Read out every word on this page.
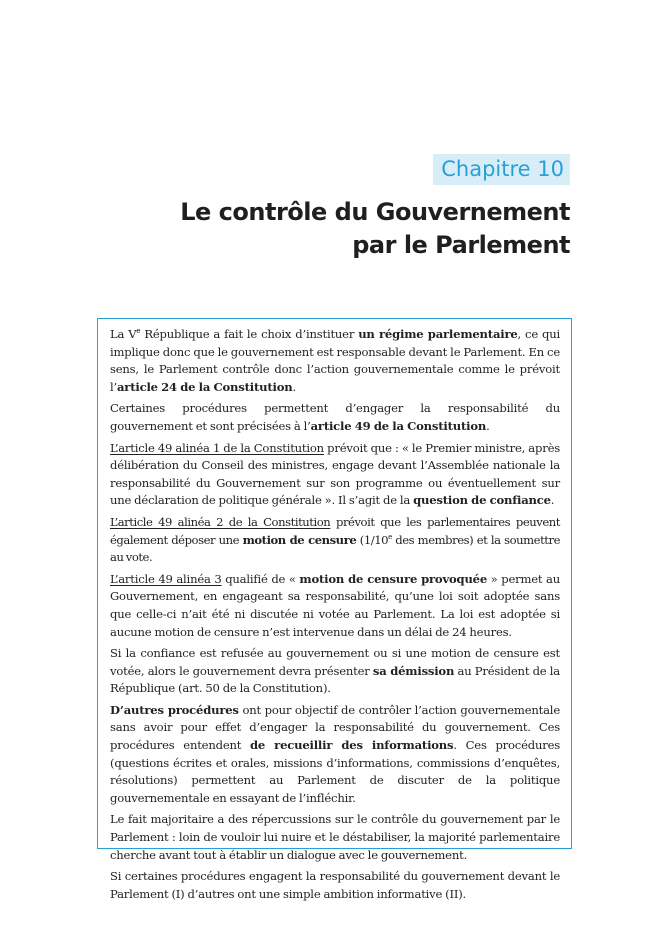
Chapitre 10
Le contrôle du Gouvernement
par le Parlement

La Ve République a fait le choix d’instituer un régime parlementaire, ce qui implique donc que le gouvernement est responsable devant le Parlement. En ce sens, le Parlement contrôle donc l’action gouvernementale comme le prévoit l’article 24 de la Constitution.

Certaines procédures permettent d’engager la responsabilité du gouvernement et sont précisées à l’article 49 de la Constitution.

L’article 49 alinéa 1 de la Constitution prévoit que : « le Premier ministre, après délibération du Conseil des ministres, engage devant l’Assemblée nationale la responsabilité du Gouvernement sur son programme ou éventuellement sur une déclaration de politique générale ». Il s’agit de la question de confiance.

L’article 49 alinéa 2 de la Constitution prévoit que les parlementaires peuvent également déposer une motion de censure (1/10e des membres) et la soumettre au vote.

L’article 49 alinéa 3 qualifié de « motion de censure provoquée » permet au Gouvernement, en engageant sa responsabilité, qu’une loi soit adoptée sans que celle-ci n’ait été ni discutée ni votée au Parlement. La loi est adoptée si aucune motion de censure n’est intervenue dans un délai de 24 heures.

Si la confiance est refusée au gouvernement ou si une motion de censure est votée, alors le gouvernement devra présenter sa démission au Président de la République (art. 50 de la Constitution).

D’autres procédures ont pour objectif de contrôler l’action gouvernementale sans avoir pour effet d’engager la responsabilité du gouvernement. Ces procédures entendent de recueillir des informations. Ces procédures (questions écrites et orales, missions d’informations, commissions d’enquêtes, résolutions) permettent au Parlement de discuter de la politique gouvernementale en essayant de l’infléchir.

Le fait majoritaire a des répercussions sur le contrôle du gouvernement par le Parlement : loin de vouloir lui nuire et le déstabiliser, la majorité parlementaire cherche avant tout à établir un dialogue avec le gouvernement.

Si certaines procédures engagent la responsabilité du gouvernement devant le Parlement (I) d’autres ont une simple ambition informative (II).
